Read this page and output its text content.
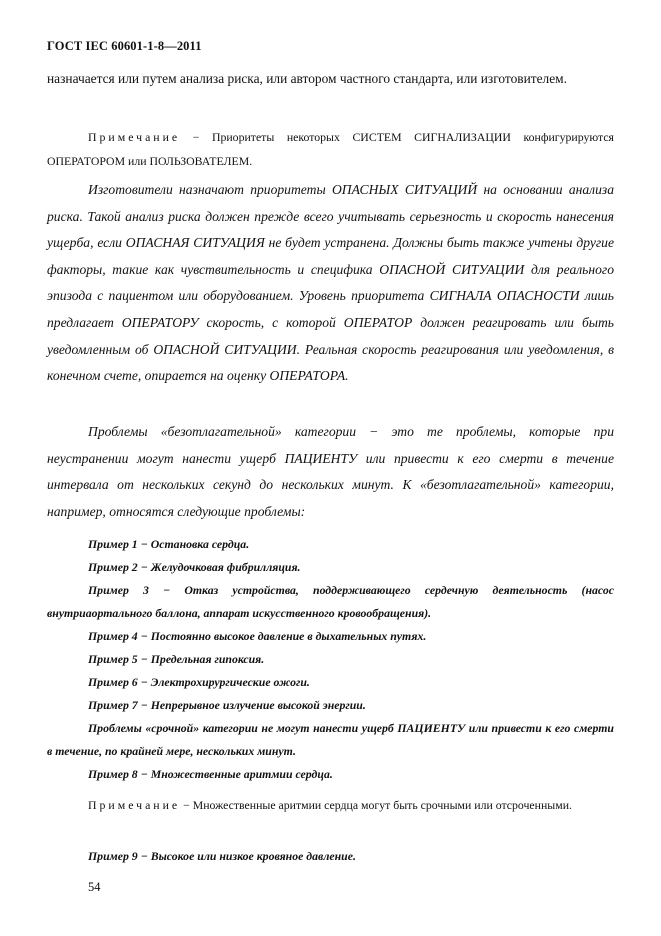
ГОСТ IEC 60601-1-8—2011
назначается или путем анализа риска, или автором частного стандарта, или изготовителем.
Примечание − Приоритеты некоторых СИСТЕМ СИГНАЛИЗАЦИИ конфигурируются ОПЕРАТОРОМ или ПОЛЬЗОВАТЕЛЕМ.
Изготовители назначают приоритеты ОПАСНЫХ СИТУАЦИЙ на основании анализа риска. Такой анализ риска должен прежде всего учитывать серьезность и скорость нанесения ущерба, если ОПАСНАЯ СИТУАЦИЯ не будет устранена. Должны быть также учтены другие факторы, такие как чувствительность и специфика ОПАСНОЙ СИТУАЦИИ для реального эпизода с пациентом или оборудованием. Уровень приоритета СИГНАЛА ОПАСНОСТИ лишь предлагает ОПЕРАТОРУ скорость, с которой ОПЕРАТОР должен реагировать или быть уведомленным об ОПАСНОЙ СИТУАЦИИ. Реальная скорость реагирования или уведомления, в конечном счете, опирается на оценку ОПЕРАТОРА.
Проблемы «безотлагательной» категории − это те проблемы, которые при неустранении могут нанести ущерб ПАЦИЕНТУ или привести к его смерти в течение интервала от нескольких секунд до нескольких минут. К «безотлагательной» категории, например, относятся следующие проблемы:
Пример 1 − Остановка сердца.
Пример 2 − Желудочковая фибрилляция.
Пример 3 − Отказ устройства, поддерживающего сердечную деятельность (насос внутриаортального баллона, аппарат искусственного кровообращения).
Пример 4 − Постоянно высокое давление в дыхательных путях.
Пример 5 − Предельная гипоксия.
Пример 6 − Электрохирургические ожоги.
Пример 7 − Непрерывное излучение высокой энергии.
Проблемы «срочной» категории не могут нанести ущерб ПАЦИЕНТУ или привести к его смерти в течение, по крайней мере, нескольких минут.
Пример 8 − Множественные аритмии сердца.
Примечание − Множественные аритмии сердца могут быть срочными или отсроченными.
Пример 9 − Высокое или низкое кровяное давление.
54
